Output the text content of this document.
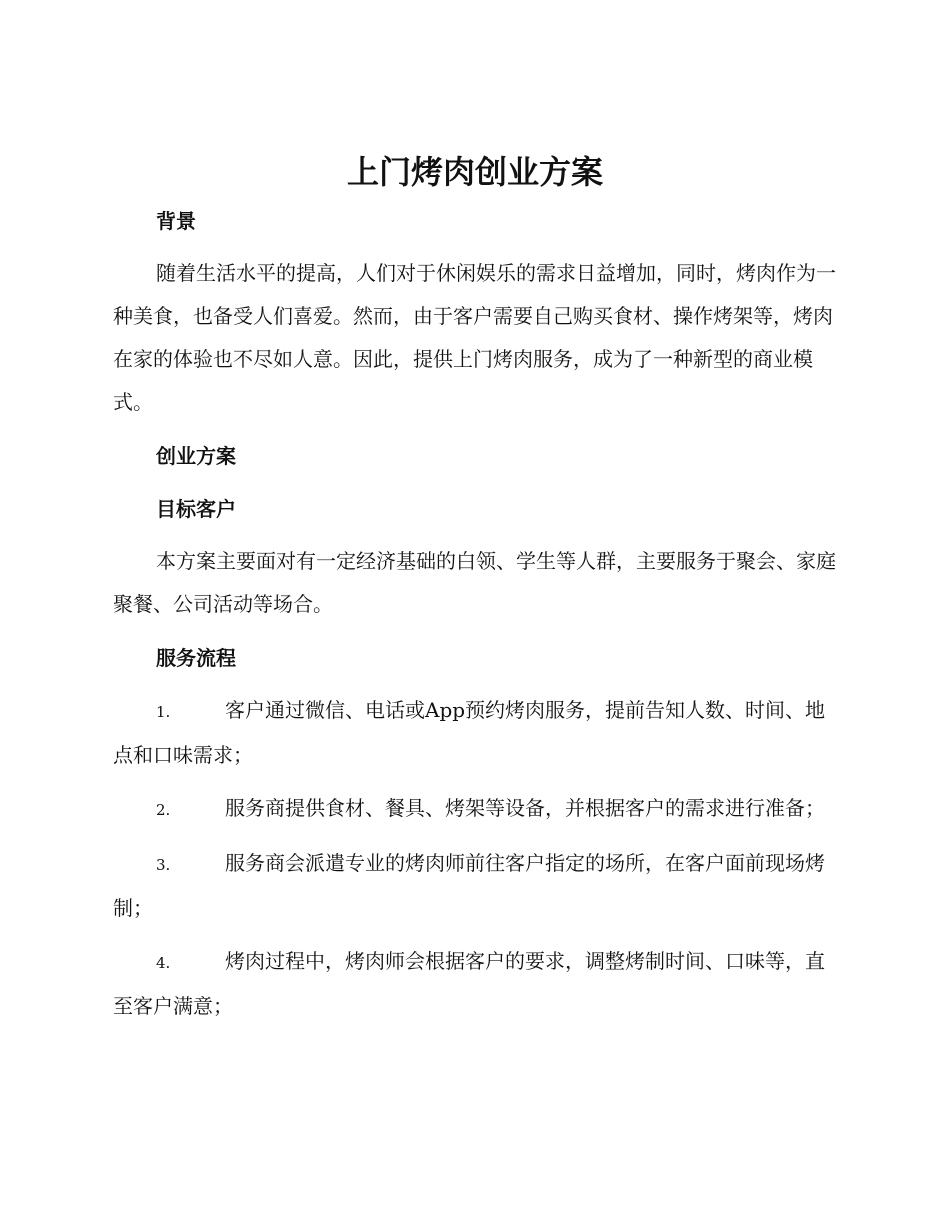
上门烤肉创业方案
背景

随着生活水平的提高，人们对于休闲娱乐的需求日益增加，同时，烤肉作为一种美食，也备受人们喜爱。然而，由于客户需要自己购买食材、操作烤架等，烤肉在家的体验也不尽如人意。因此，提供上门烤肉服务，成为了一种新型的商业模式。

创业方案
目标客户

本方案主要面对有一定经济基础的白领、学生等人群，主要服务于聚会、家庭聚餐、公司活动等场合。

服务流程

1.	客户通过微信、电话或App预约烤肉服务，提前告知人数、时间、地点和口味需求；

2.	服务商提供食材、餐具、烤架等设备，并根据客户的需求进行准备；

3.	服务商会派遣专业的烤肉师前往客户指定的场所，在客户面前现场烤制；

4.	烤肉过程中，烤肉师会根据客户的要求，调整烤制时间、口味等，直至客户满意；
